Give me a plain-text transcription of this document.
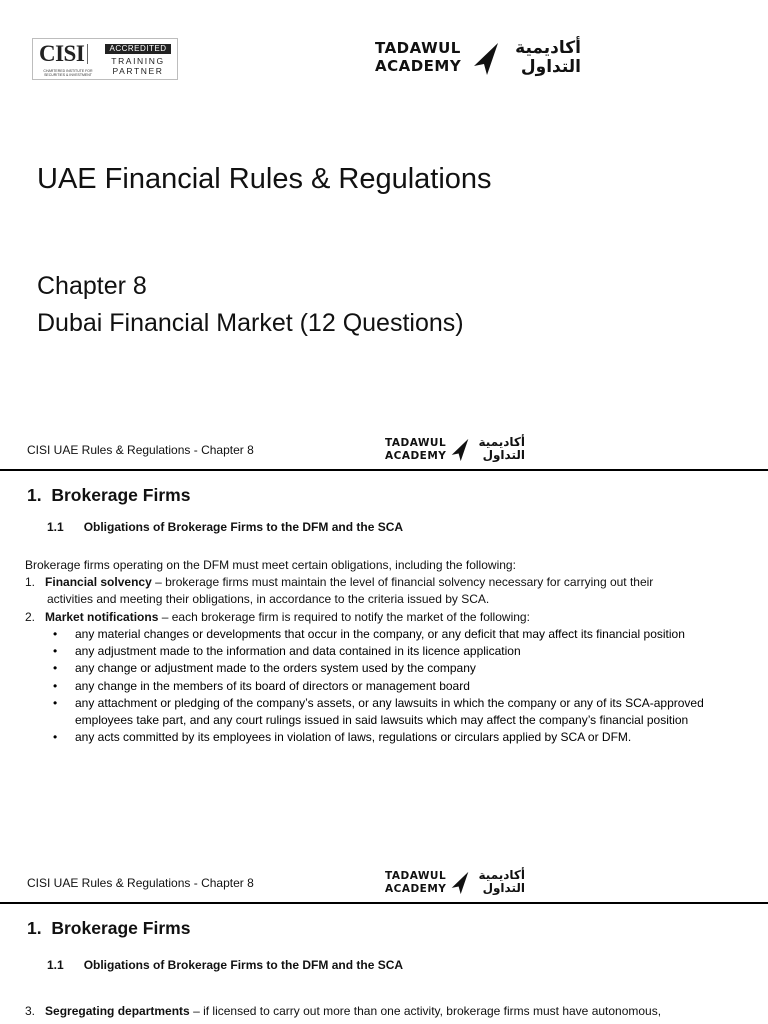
CISI
CHARTERED INSTITUTE FOR SECURITIES & INVESTMENT
ACCREDITED
TRAINING
PARTNER
TADAWUL
ACADEMY
أكاديمية
التداول
UAE Financial Rules & Regulations
Chapter 8
Dubai Financial Market (12 Questions)
CISI UAE Rules & Regulations - Chapter 8	TADAWUL
ACADEMY
أكاديمية
التداول
1. Brokerage Firms
1.1 Obligations of Brokerage Firms to the DFM and the SCA
Brokerage firms operating on the DFM must meet certain obligations, including the following:
1. Financial solvency – brokerage firms must maintain the level of financial solvency necessary for carrying out their
activities and meeting their obligations, in accordance to the criteria issued by SCA.
2. Market notifications – each brokerage firm is required to notify the market of the following:
• any material changes or developments that occur in the company, or any deficit that may affect its financial position
• any adjustment made to the information and data contained in its licence application
• any change or adjustment made to the orders system used by the company
• any change in the members of its board of directors or management board
• any attachment or pledging of the company’s assets, or any lawsuits in which the company or any of its SCA-approved employees take part, and any court rulings issued in said lawsuits which may affect the company’s financial position
• any acts committed by its employees in violation of laws, regulations or circulars applied by SCA or DFM.
CISI UAE Rules & Regulations - Chapter 8	TADAWUL
ACADEMY
أكاديمية
التداول
1. Brokerage Firms
1.1 Obligations of Brokerage Firms to the DFM and the SCA
3. Segregating departments – if licensed to carry out more than one activity, brokerage firms must have autonomous,
